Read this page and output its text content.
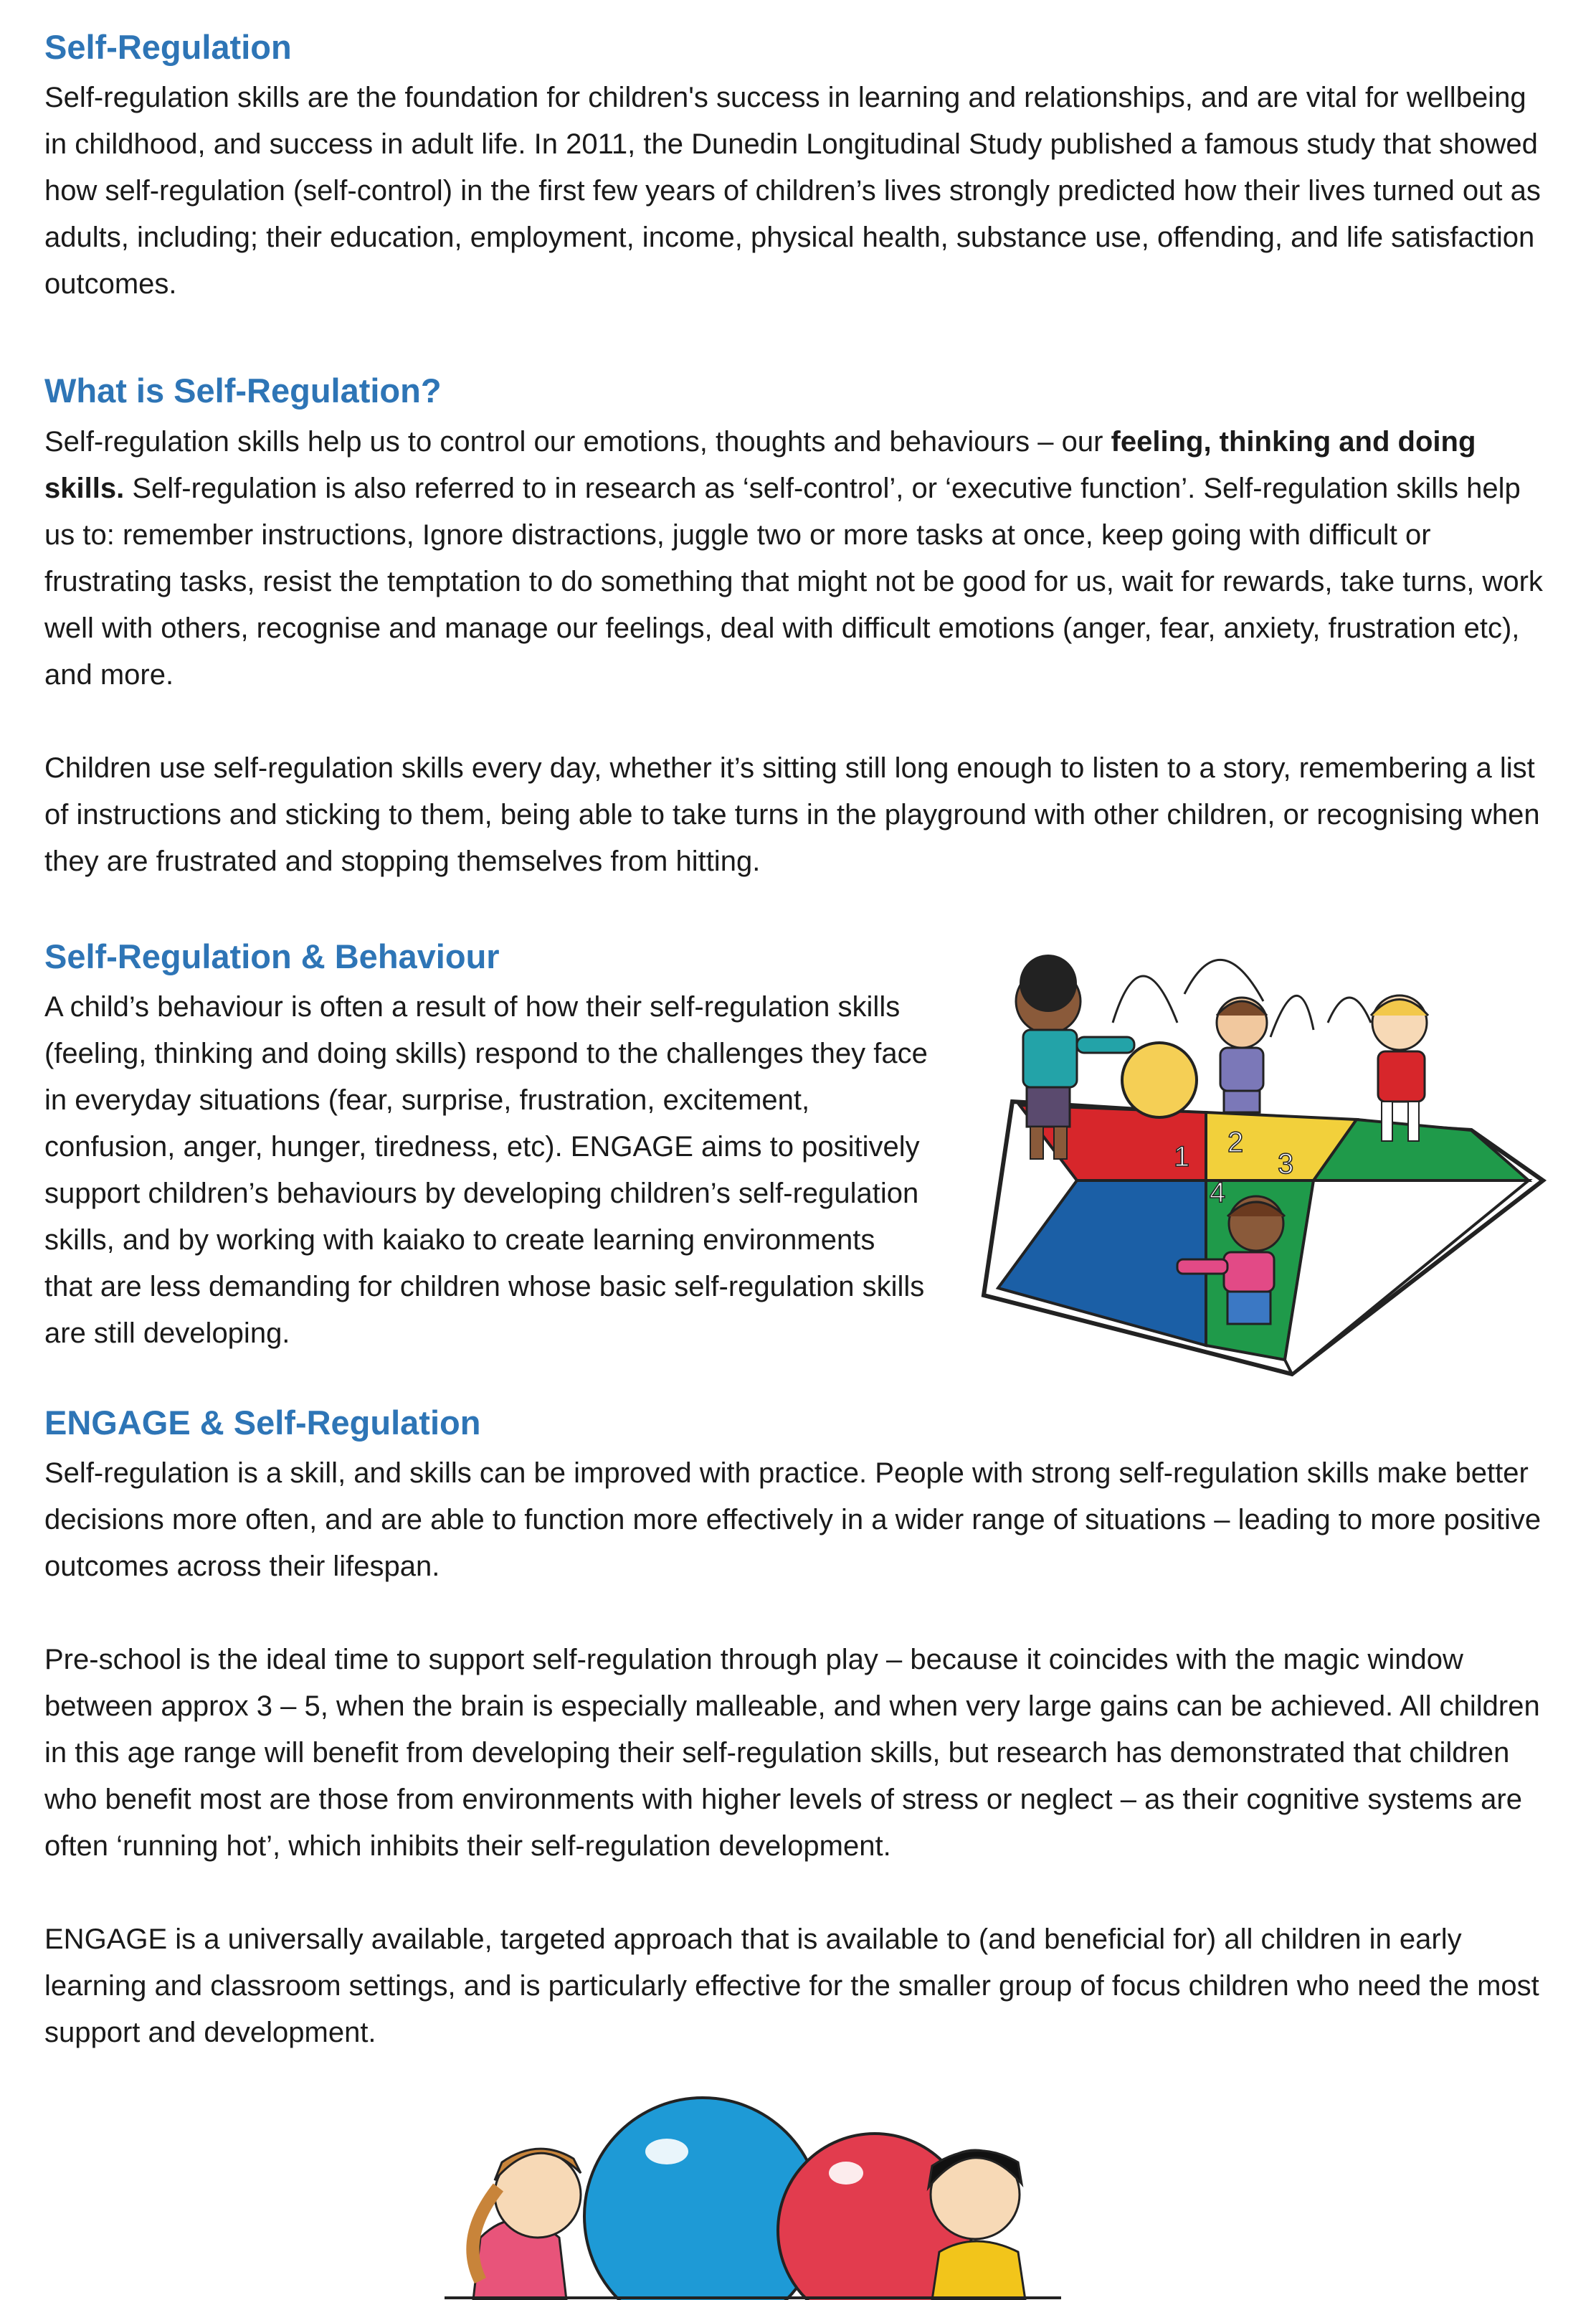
Self-Regulation

Self-regulation skills are the foundation for children's success in learning and relationships, and are vital for wellbeing in childhood, and success in adult life. In 2011, the Dunedin Longitudinal Study published a famous study that showed how self-regulation (self-control) in the first few years of children’s lives strongly predicted how their lives turned out as adults, including; their education, employment, income, physical health, substance use, offending, and life satisfaction outcomes.

What is Self-Regulation?

Self-regulation skills help us to control our emotions, thoughts and behaviours – our feeling, thinking and doing skills. Self-regulation is also referred to in research as ‘self-control’, or ‘executive function’. Self-regulation skills help us to: remember instructions, Ignore distractions, juggle two or more tasks at once, keep going with difficult or frustrating tasks, resist the temptation to do something that might not be good for us, wait for rewards, take turns, work well with others, recognise and manage our feelings, deal with difficult emotions (anger, fear, anxiety, frustration etc), and more.

Children use self-regulation skills every day, whether it’s sitting still long enough to listen to a story, remembering a list of instructions and sticking to them, being able to take turns in the playground with other children, or recognising when they are frustrated and stopping themselves from hitting.

Self-Regulation & Behaviour

A child’s behaviour is often a result of how their self-regulation skills (feeling, thinking and doing skills) respond to the challenges they face in everyday situations (fear, surprise, frustration, excitement, confusion, anger, hunger, tiredness, etc). ENGAGE aims to positively support children’s behaviours by developing children’s self-regulation skills, and by working with kaiako to create learning environments that are less demanding for children whose basic self-regulation skills are still developing.

1 2
3
4
ENGAGE & Self-Regulation

Self-regulation is a skill, and skills can be improved with practice. People with strong self-regulation skills make better decisions more often, and are able to function more effectively in a wider range of situations – leading to more positive outcomes across their lifespan.

Pre-school is the ideal time to support self-regulation through play – because it coincides with the magic window between approx 3 – 5, when the brain is especially malleable, and when very large gains can be achieved. All children in this age range will benefit from developing their self-regulation skills, but research has demonstrated that children who benefit most are those from environments with higher levels of stress or neglect – as their cognitive systems are often ‘running hot’, which inhibits their self-regulation development.

ENGAGE is a universally available, targeted approach that is available to (and beneficial for) all children in early learning and classroom settings, and is particularly effective for the smaller group of focus children who need the most support and development.
